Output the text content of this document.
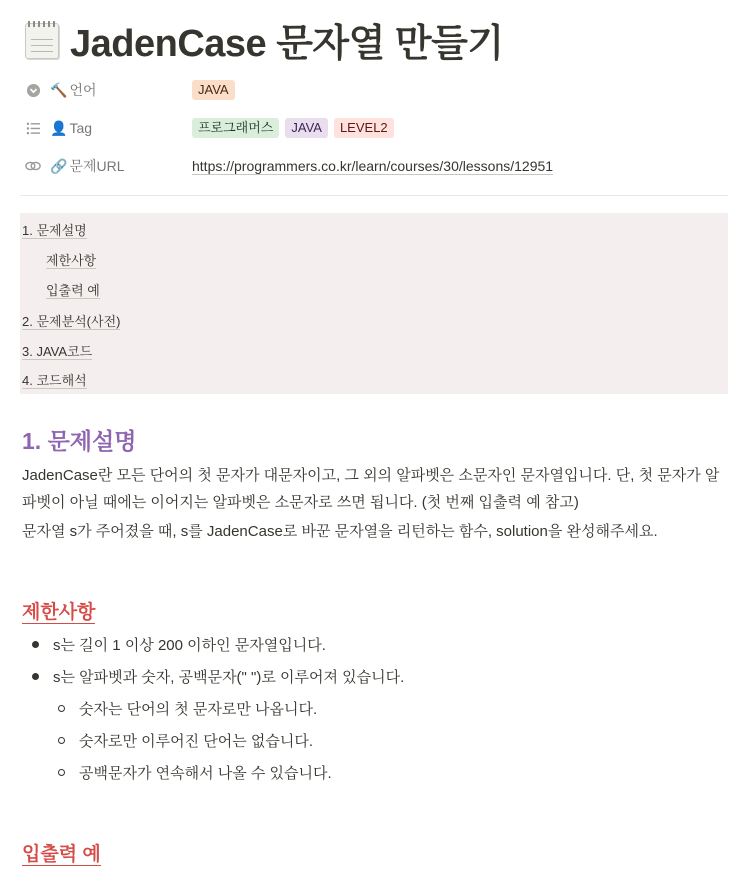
JadenCase 문자열 만들기
🔨 언어	JAVA
👤 Tag	프로그래머스	JAVA	LEVEL2
🔗 문제URL	https://programmers.co.kr/learn/courses/30/lessons/12951
1. 문제설명
제한사항
입출력 예
2. 문제분석(사전)
3. JAVA코드
4. 코드해석
1. 문제설명
JadenCase란 모든 단어의 첫 문자가 대문자이고, 그 외의 알파벳은 소문자인 문자열입니다. 단, 첫 문자가 알파벳이 아닐 때에는 이어지는 알파벳은 소문자로 쓰면 됩니다. (첫 번째 입출력 예 참고)
문자열 s가 주어졌을 때, s를 JadenCase로 바꾼 문자열을 리턴하는 함수, solution을 완성해주세요.
제한사항
s는 길이 1 이상 200 이하인 문자열입니다.
s는 알파벳과 숫자, 공백문자(" ")로 이루어져 있습니다.
숫자는 단어의 첫 문자로만 나옵니다.
숫자로만 이루어진 단어는 없습니다.
공백문자가 연속해서 나올 수 있습니다.
입출력 예
